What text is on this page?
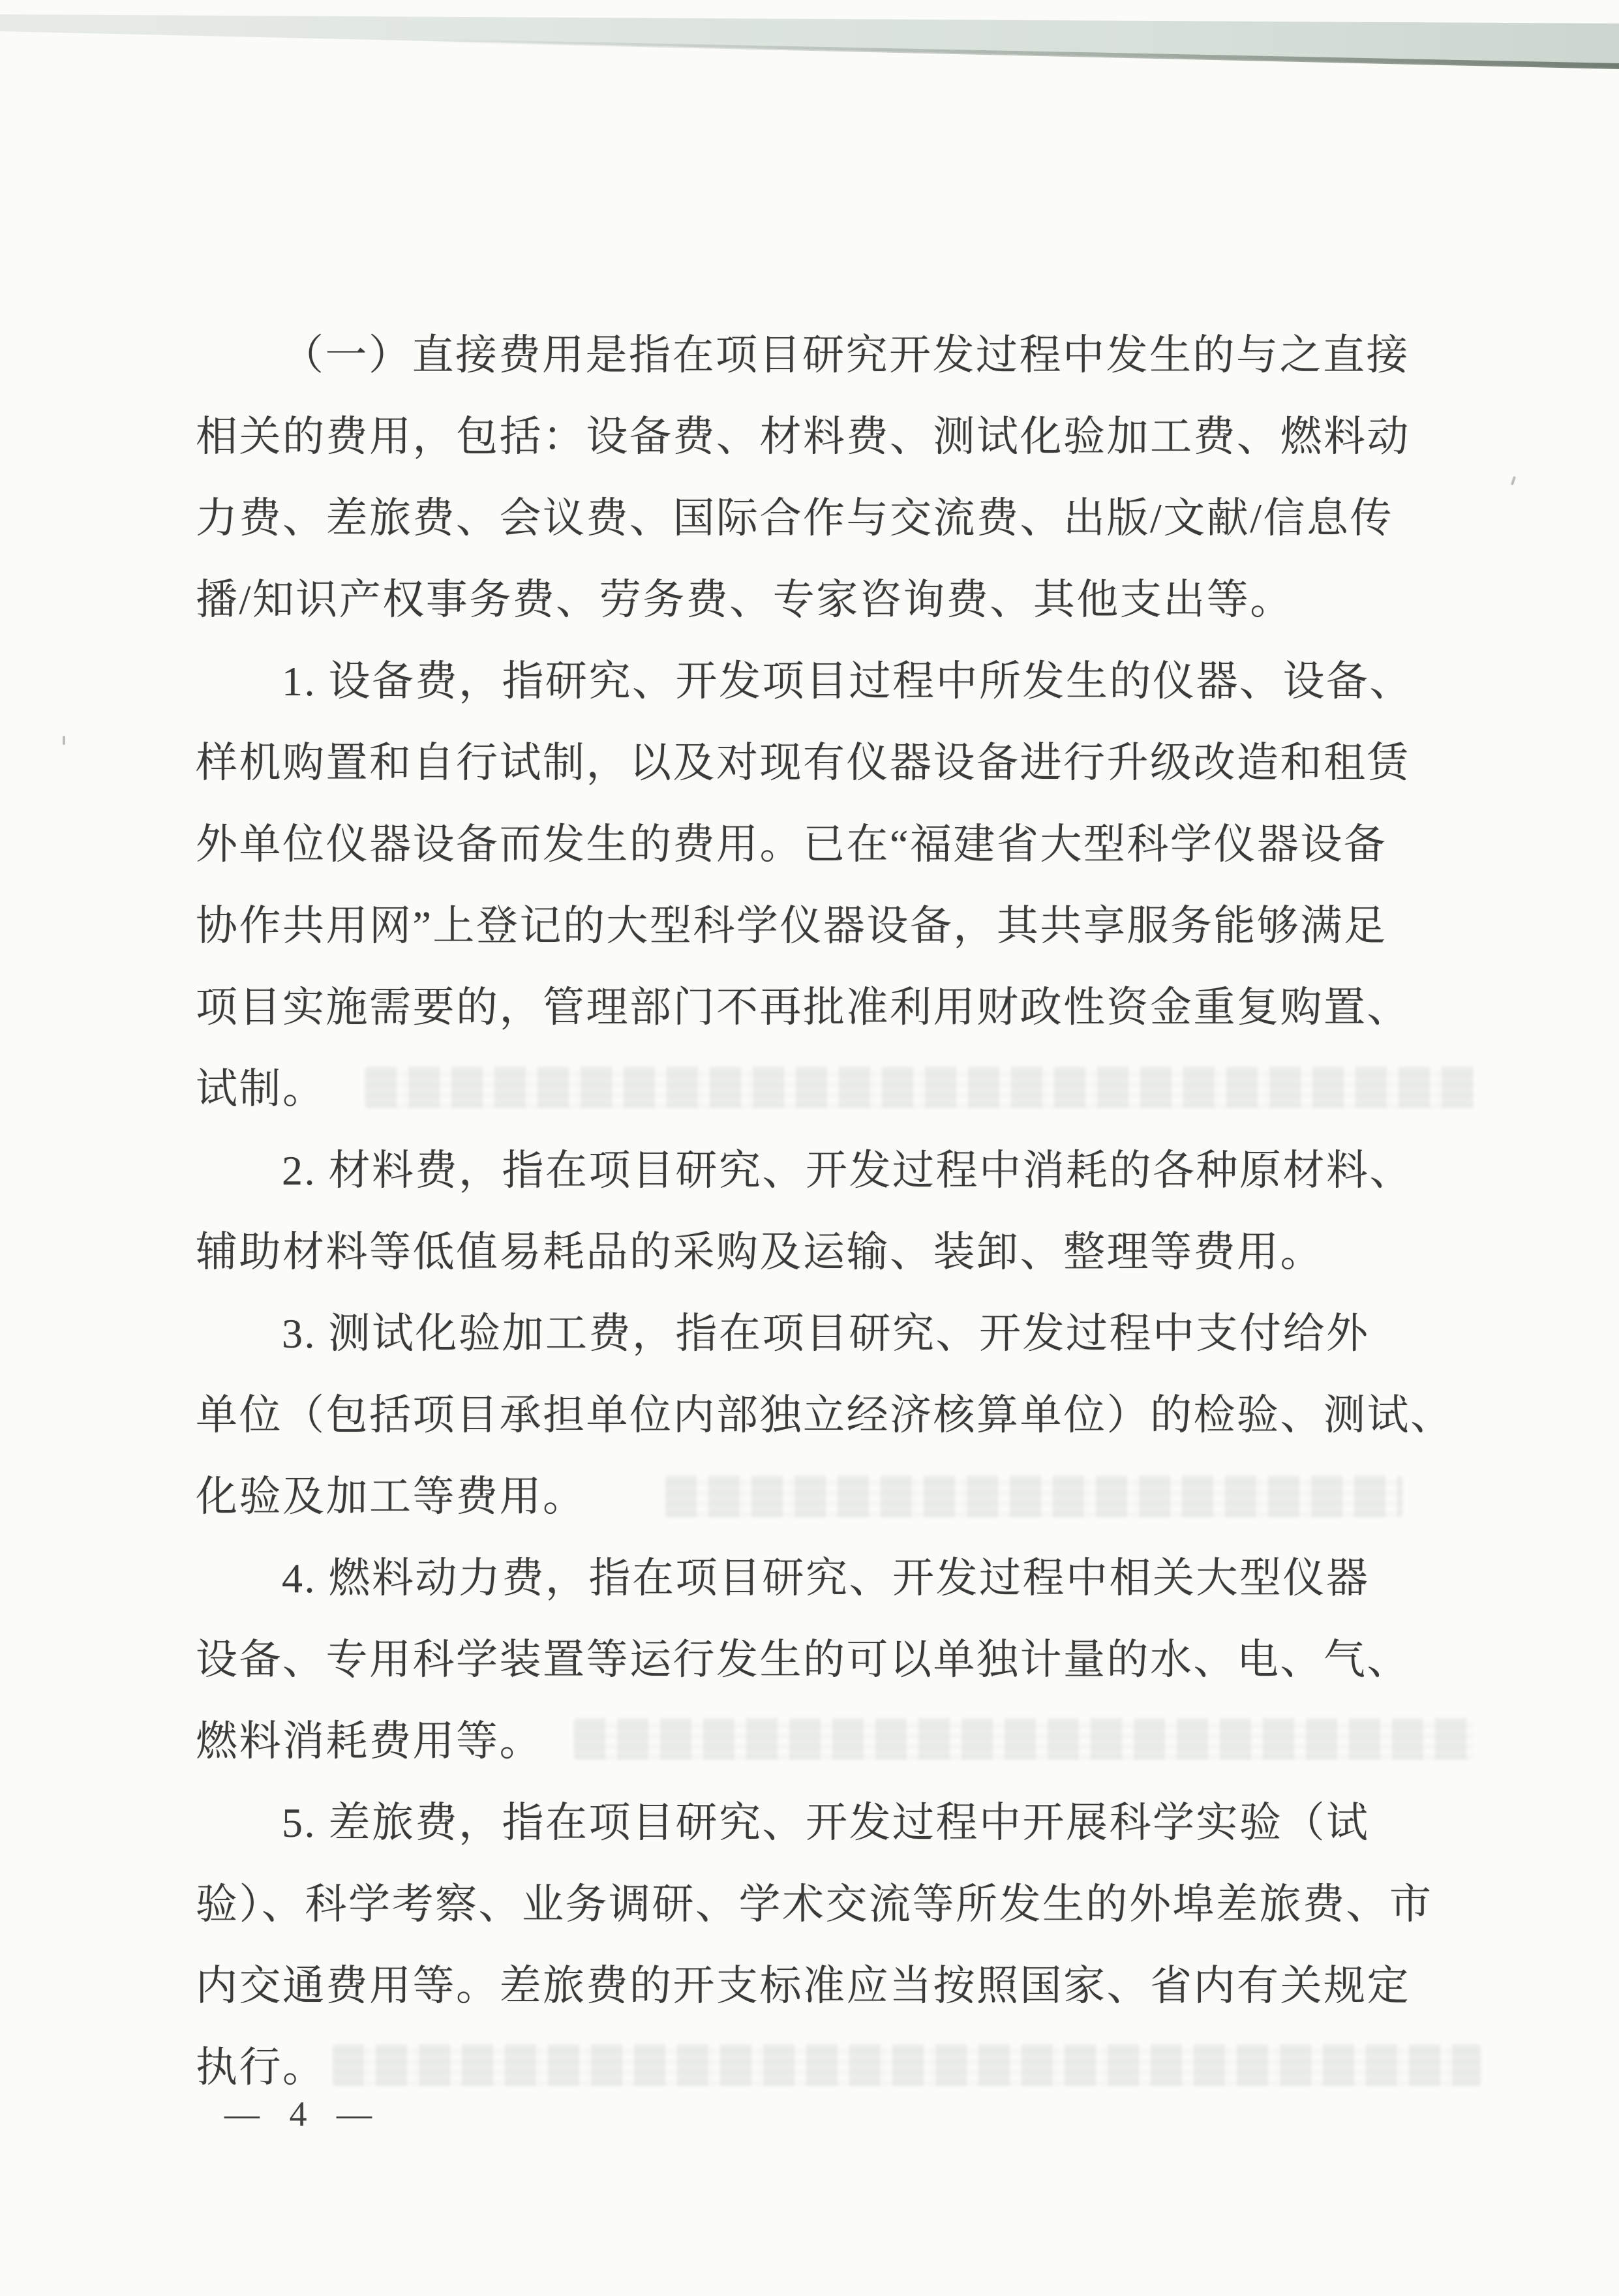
（一）直接费用是指在项目研究开发过程中发生的与之直接
相关的费用，包括：设备费、材料费、测试化验加工费、燃料动
力费、差旅费、会议费、国际合作与交流费、出版/文献/信息传
播/知识产权事务费、劳务费、专家咨询费、其他支出等。
1. 设备费，指研究、开发项目过程中所发生的仪器、设备、
样机购置和自行试制，以及对现有仪器设备进行升级改造和租赁
外单位仪器设备而发生的费用。已在“福建省大型科学仪器设备
协作共用网”上登记的大型科学仪器设备，其共享服务能够满足
项目实施需要的，管理部门不再批准利用财政性资金重复购置、
试制。
2. 材料费，指在项目研究、开发过程中消耗的各种原材料、
辅助材料等低值易耗品的采购及运输、装卸、整理等费用。
3. 测试化验加工费，指在项目研究、开发过程中支付给外
单位（包括项目承担单位内部独立经济核算单位）的检验、测试、
化验及加工等费用。
4. 燃料动力费，指在项目研究、开发过程中相关大型仪器
设备、专用科学装置等运行发生的可以单独计量的水、电、气、
燃料消耗费用等。
5. 差旅费，指在项目研究、开发过程中开展科学实验（试
验）、科学考察、业务调研、学术交流等所发生的外埠差旅费、市
内交通费用等。差旅费的开支标准应当按照国家、省内有关规定
执行。
— 4 —
